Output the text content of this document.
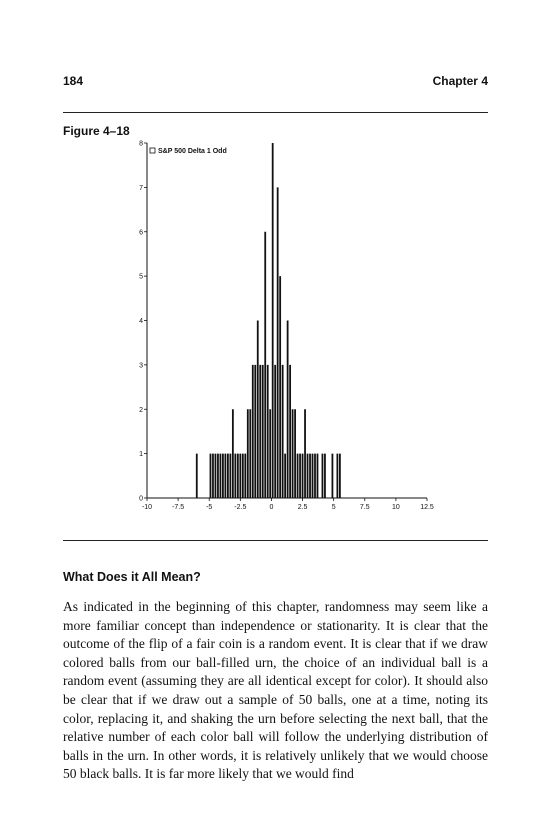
184	Chapter 4
Figure 4–18
0
1
2
3
4
5
6
7
8
-10	-7.5	-5	-2.5	0	2.5	5	7.5	10	12.5
S&P 500 Delta 1 Odd
What Does it All Mean?

As indicated in the beginning of this chapter, randomness may seem like a more familiar concept than independence or stationarity. It is clear that the outcome of the flip of a fair coin is a random event. It is clear that if we draw colored balls from our ball-filled urn, the choice of an individual ball is a random event (assuming they are all identical except for color). It should also be clear that if we draw out a sample of 50 balls, one at a time, noting its color, replacing it, and shaking the urn before selecting the next ball, that the relative number of each color ball will follow the underlying distribution of balls in the urn. In other words, it is relatively unlikely that we would choose 50 black balls. It is far more likely that we would find
